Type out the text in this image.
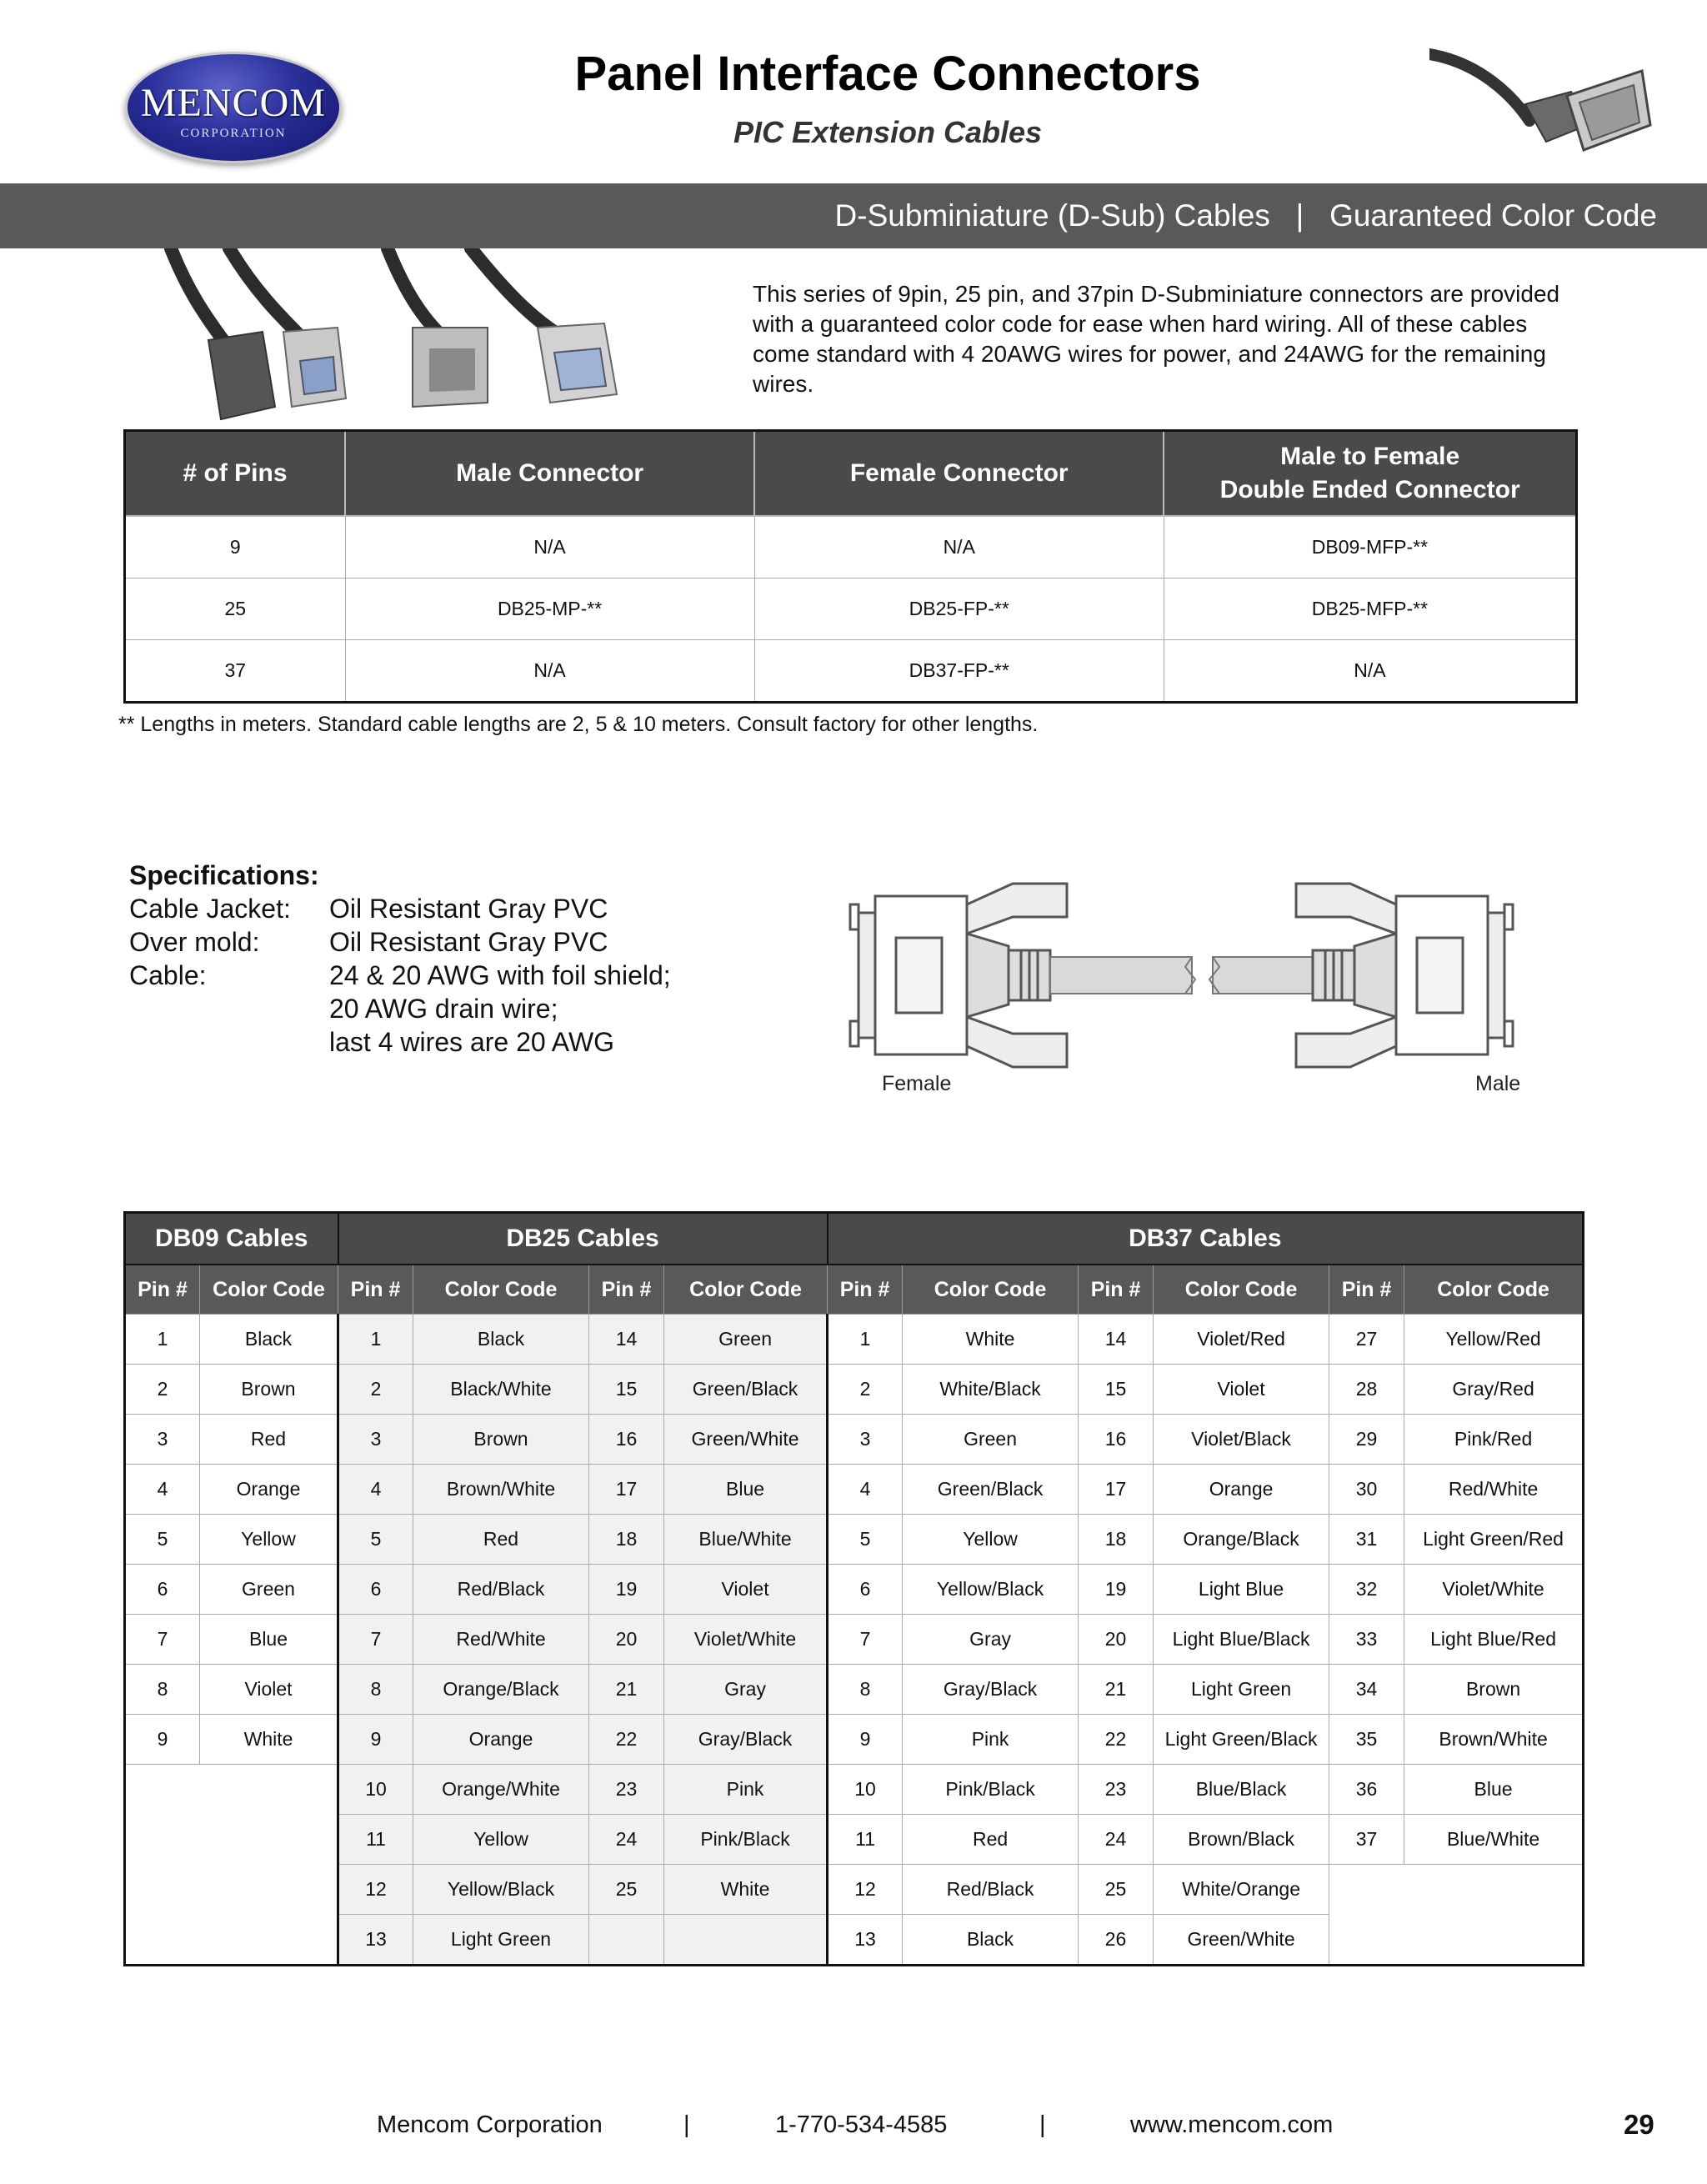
MENCOM
CORPORATION
Panel Interface Connectors
PIC Extension Cables
D-Subminiature (D-Sub) Cables   |   Guaranteed Color Code
This series of 9pin, 25 pin, and 37pin D-Subminiature connectors are provided with a guaranteed color code for ease when hard wiring. All of these cables come standard with 4 20AWG wires for power, and 24AWG for the remaining wires.
# of Pins	Male Connector	Female Connector	Male to Female
Double Ended Connector
9	N/A	N/A	DB09-MFP-**
25	DB25-MP-**	DB25-FP-**	DB25-MFP-**
37	N/A	DB37-FP-**	N/A
** Lengths in meters. Standard cable lengths are 2, 5 & 10 meters. Consult factory for other lengths.
Specifications:
Cable Jacket: Oil Resistant Gray PVC
Over mold:	Oil Resistant Gray PVC
Cable:	24 & 20 AWG with foil shield;
20 AWG drain wire;
last 4 wires are 20 AWG
Female	Male
DB09 Cables		DB25 Cables				DB37 Cables					
Pin #	Color Code	Pin #	Color Code	Pin #	Color Code	Pin #	Color Code	Pin #	Color Code	Pin #	Color Code
1	Black	1	Black	14	Green	1	White	14	Violet/Red	27	Yellow/Red
2	Brown	2	Black/White	15	Green/Black	2	White/Black	15	Violet	28	Gray/Red
3	Red	3	Brown	16	Green/White	3	Green	16	Violet/Black	29	Pink/Red
4	Orange	4	Brown/White	17	Blue	4	Green/Black	17	Orange	30	Red/White
5	Yellow	5	Red	18	Blue/White	5	Yellow	18	Orange/Black	31	Light Green/Red
6	Green	6	Red/Black	19	Violet	6	Yellow/Black	19	Light Blue	32	Violet/White
7	Blue	7	Red/White	20	Violet/White	7	Gray	20	Light Blue/Black	33	Light Blue/Red
8	Violet	8	Orange/Black	21	Gray	8	Gray/Black	21	Light Green	34	Brown
9	White	9	Orange	22	Gray/Black	9	Pink	22	Light Green/Black	35	Brown/White
		10	Orange/White	23	Pink	10	Pink/Black	23	Blue/Black	36	Blue
		11	Yellow	24	Pink/Black	11	Red	24	Brown/Black	37	Blue/White
		12	Yellow/Black	25	White	12	Red/Black	25	White/Orange		
		13	Light Green			13	Black	26	Green/White		
Mencom Corporation	|	1-770-534-4585	|	www.mencom.com	29
